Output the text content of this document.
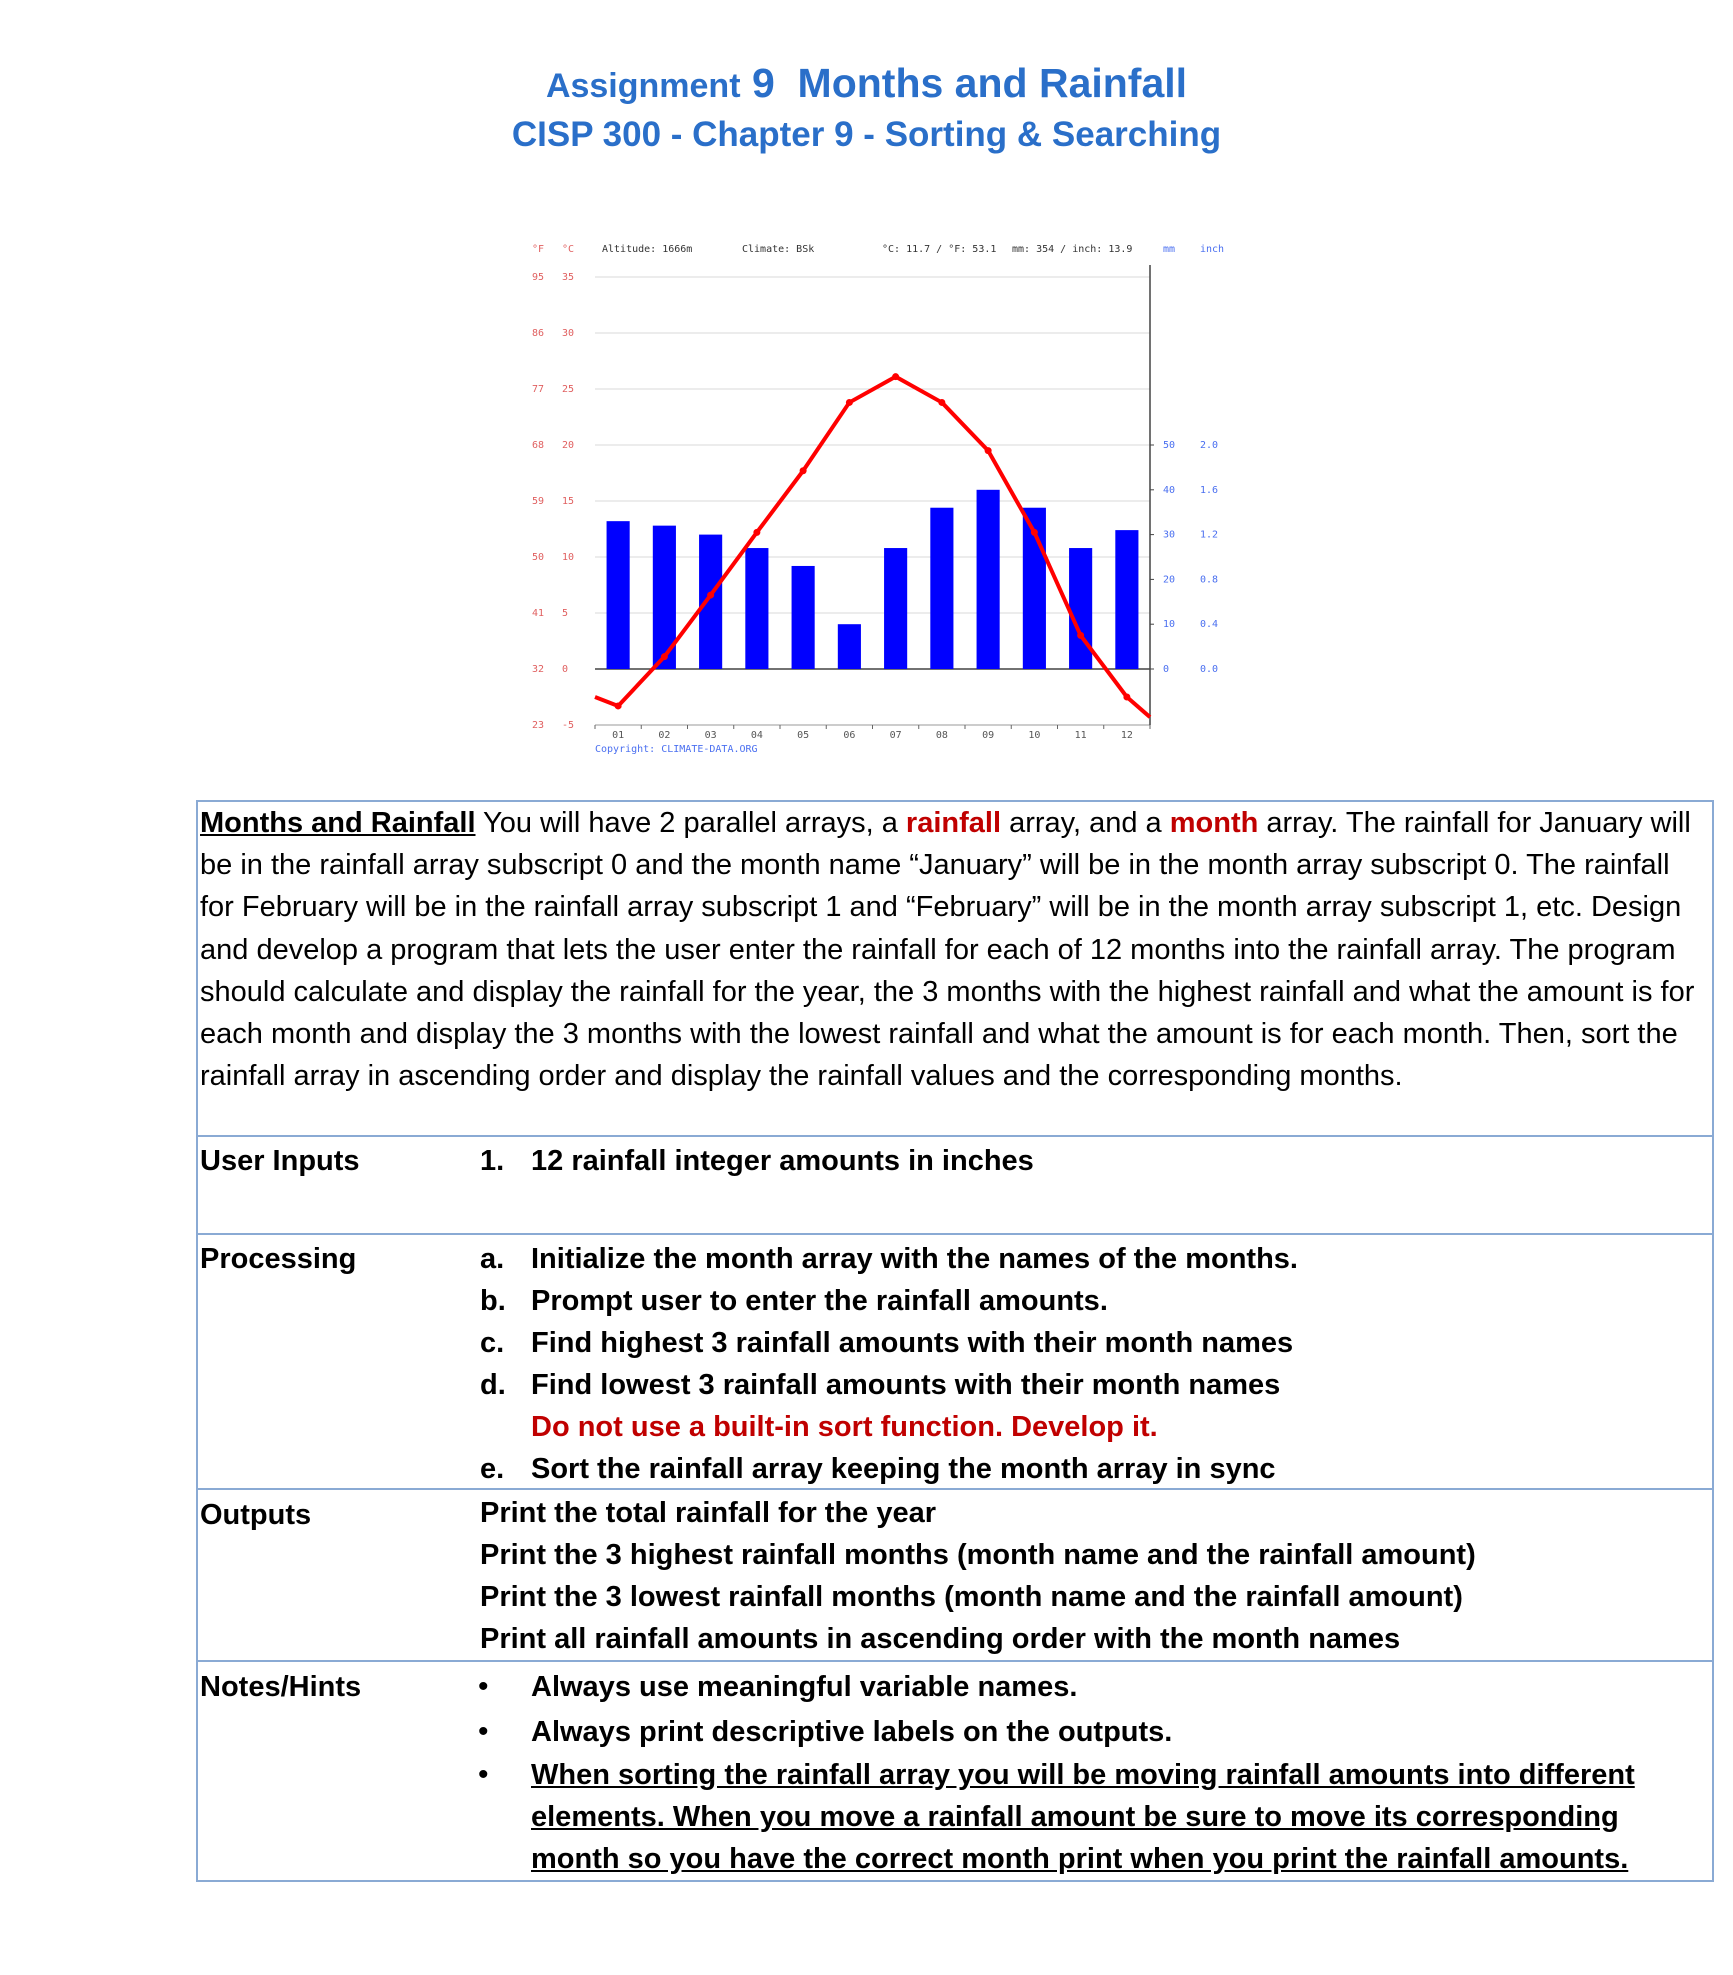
Assignment 9 Months and Rainfall
CISP 300 - Chapter 9 - Sorting & Searching
°F °C	Altitude: 1666m	Climate: BSk	°C: 11.7 / °F: 53.1 mm: 354 / inch: 13.9	mm inch
35
30
25
20
15
10
5
0
-5
95
86
77
68
59
50
41
32
23
50
40
30
20
10
0
2.0
1.6
1.2
0.8
0.4
0.0
01	02	03	04	05	06	07	08	09	10	11	12
Copyright: CLIMATE-DATA.ORG
Months and Rainfall You will have 2 parallel arrays, a rainfall array, and a month array. The rainfall for January will be in the rainfall array subscript 0 and the month name “January” will be in the month array subscript 0. The rainfall for February will be in the rainfall array subscript 1 and “February” will be in the month array subscript 1, etc. Design and develop a program that lets the user enter the rainfall for each of 12 months into the rainfall array. The program should calculate and display the rainfall for the year, the 3 months with the highest rainfall and what the amount is for each month and display the 3 months with the lowest rainfall and what the amount is for each month. Then, sort the rainfall array in ascending order and display the rainfall values and the corresponding months.
User Inputs	1. 12 rainfall integer amounts in inches
Processing	a. Initialize the month array with the names of the months.
b. Prompt user to enter the rainfall amounts.
c. Find highest 3 rainfall amounts with their month names
d. Find lowest 3 rainfall amounts with their month names
Do not use a built-in sort function. Develop it.
e. Sort the rainfall array keeping the month array in sync
Outputs	Print the total rainfall for the year
Print the 3 highest rainfall months (month name and the rainfall amount)
Print the 3 lowest rainfall months (month name and the rainfall amount)
Print all rainfall amounts in ascending order with the month names
Notes/Hints	• Always use meaningful variable names.
• Always print descriptive labels on the outputs.
• When sorting the rainfall array you will be moving rainfall amounts into different
elements. When you move a rainfall amount be sure to move its corresponding
month so you have the correct month print when you print the rainfall amounts.
